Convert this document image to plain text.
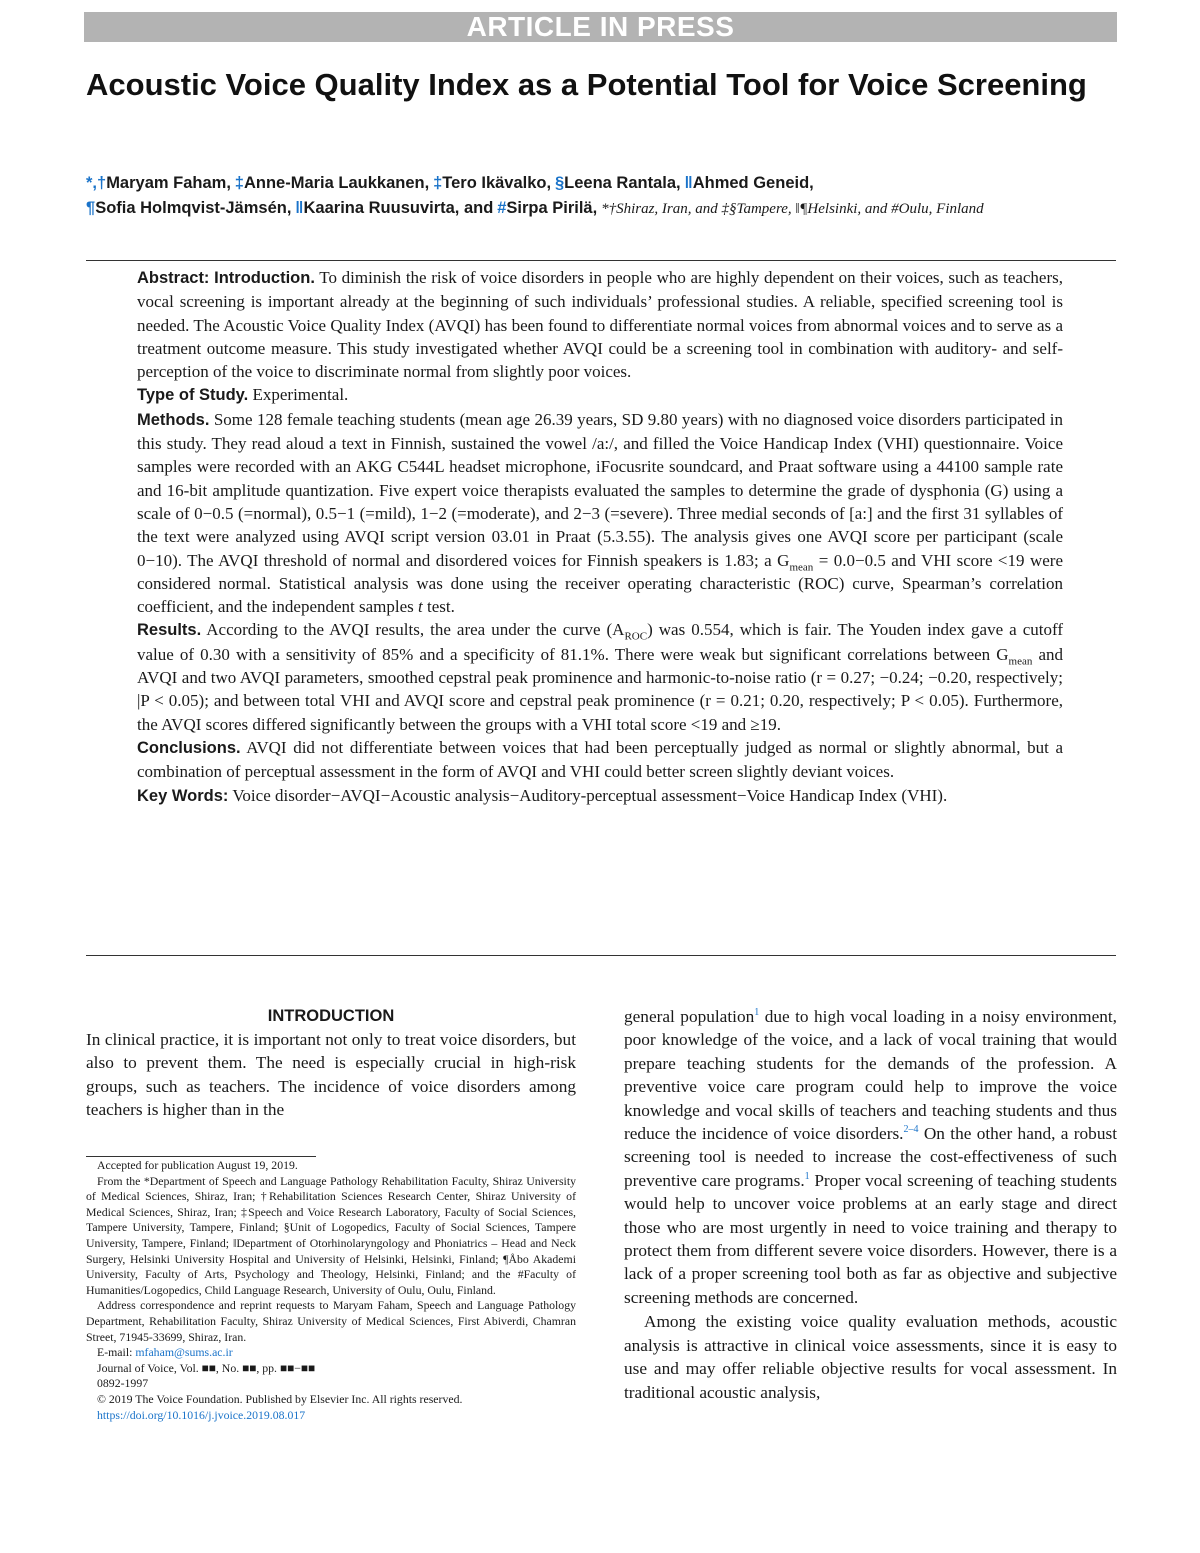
ARTICLE IN PRESS
Acoustic Voice Quality Index as a Potential Tool for Voice Screening
*,†Maryam Faham, ‡Anne-Maria Laukkanen, ‡Tero Ikävalko, §Leena Rantala, ‖Ahmed Geneid,
¶Sofia Holmqvist-Jämsén, ‖Kaarina Ruusuvirta, and #Sirpa Pirilä, *†Shiraz, Iran, and ‡§Tampere, ‖¶Helsinki, and #Oulu, Finland

Abstract: Introduction. To diminish the risk of voice disorders in people who are highly dependent on their voices, such as teachers, vocal screening is important already at the beginning of such individuals’ professional studies. A reliable, specified screening tool is needed. The Acoustic Voice Quality Index (AVQI) has been found to differentiate normal voices from abnormal voices and to serve as a treatment outcome measure. This study investigated whether AVQI could be a screening tool in combination with auditory- and self-perception of the voice to discriminate normal from slightly poor voices.

Type of Study. Experimental.

Methods. Some 128 female teaching students (mean age 26.39 years, SD 9.80 years) with no diagnosed voice disorders participated in this study. They read aloud a text in Finnish, sustained the vowel /a:/, and filled the Voice Handicap Index (VHI) questionnaire. Voice samples were recorded with an AKG C544L headset microphone, iFocusrite soundcard, and Praat software using a 44100 sample rate and 16-bit amplitude quantization. Five expert voice therapists evaluated the samples to determine the grade of dysphonia (G) using a scale of 0−0.5 (=normal), 0.5−1 (=mild), 1−2 (=moderate), and 2−3 (=severe). Three medial seconds of [a:] and the first 31 syllables of the text were analyzed using AVQI script version 03.01 in Praat (5.3.55). The analysis gives one AVQI score per participant (scale 0−10). The AVQI threshold of normal and disordered voices for Finnish speakers is 1.83; a $G_{mean} = 0.0-0.5$ and VHI score <19 were considered normal. Statistical analysis was done using the receiver operating characteristic (ROC) curve, Spearman’s correlation coefficient, and the independent samples t test.

Results. According to the AVQI results, the area under the curve $(A_{ROC})$ was 0.554, which is fair. The Youden index gave a cutoff value of 0.30 with a sensitivity of 85% and a specificity of 81.1%. There were weak but significant correlations between $G_{mean}$ and AVQI and two AVQI parameters, smoothed cepstral peak prominence and harmonic-to-noise ratio (r = 0.27; −0.24; −0.20, respectively; |P < 0.05); and between total VHI and AVQI score and cepstral peak prominence (r = 0.21; 0.20, respectively; P < 0.05). Furthermore, the AVQI scores differed significantly between the groups with a VHI total score <19 and ≥19.

Conclusions. AVQI did not differentiate between voices that had been perceptually judged as normal or slightly abnormal, but a combination of perceptual assessment in the form of AVQI and VHI could better screen slightly deviant voices.

Key Words: Voice disorder−AVQI−Acoustic analysis−Auditory-perceptual assessment−Voice Handicap Index (VHI).

INTRODUCTION

In clinical practice, it is important not only to treat voice disorders, but also to prevent them. The need is especially crucial in high-risk groups, such as teachers. The incidence of voice disorders among teachers is higher than in the

Accepted for publication August 19, 2019.

From the *Department of Speech and Language Pathology Rehabilitation Faculty, Shiraz University of Medical Sciences, Shiraz, Iran; †Rehabilitation Sciences Research Center, Shiraz University of Medical Sciences, Shiraz, Iran; ‡Speech and Voice Research Laboratory, Faculty of Social Sciences, Tampere University, Tampere, Finland; §Unit of Logopedics, Faculty of Social Sciences, Tampere University, Tampere, Finland; ‖Department of Otorhinolaryngology and Phoniatrics – Head and Neck Surgery, Helsinki University Hospital and University of Helsinki, Helsinki, Finland; ¶Åbo Akademi University, Faculty of Arts, Psychology and Theology, Helsinki, Finland; and the #Faculty of Humanities/Logopedics, Child Language Research, University of Oulu, Oulu, Finland.

Address correspondence and reprint requests to Maryam Faham, Speech and Language Pathology Department, Rehabilitation Faculty, Shiraz University of Medical Sciences, First Abiverdi, Chamran Street, 71945-33699, Shiraz, Iran.

E-mail: mfaham@sums.ac.ir

Journal of Voice, Vol. ■■, No. ■■, pp. ■■−■■

0892-1997

© 2019 The Voice Foundation. Published by Elsevier Inc. All rights reserved.

https://doi.org/10.1016/j.jvoice.2019.08.017

general population$^1$ due to high vocal loading in a noisy environment, poor knowledge of the voice, and a lack of vocal training that would prepare teaching students for the demands of the profession. A preventive voice care program could help to improve the voice knowledge and vocal skills of teachers and teaching students and thus reduce the incidence of voice disorders.$^{2-4}$ On the other hand, a robust screening tool is needed to increase the cost-effectiveness of such preventive care programs.$^1$ Proper vocal screening of teaching students would help to uncover voice problems at an early stage and direct those who are most urgently in need to voice training and therapy to protect them from different severe voice disorders. However, there is a lack of a proper screening tool both as far as objective and subjective screening methods are concerned.

Among the existing voice quality evaluation methods, acoustic analysis is attractive in clinical voice assessments, since it is easy to use and may offer reliable objective results for vocal assessment. In traditional acoustic analysis,
